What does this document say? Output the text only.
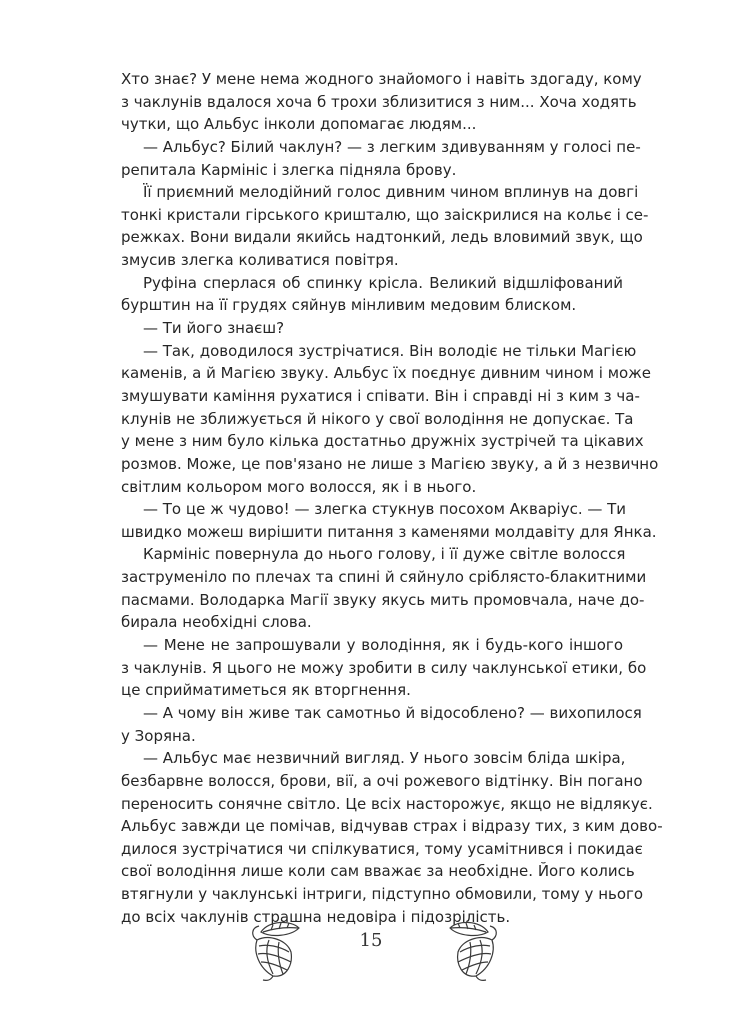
Хто знає? У мене нема жодного знайомого і навіть здогаду, кому
з чаклунів вдалося хоча б трохи зблизитися з ним... Хоча ходять
чутки, що Альбус інколи допомагає людям...
— Альбус? Білий чаклун? — з легким здивуванням у голосі пе-
репитала Кармініс і злегка підняла брову.
Її приємний мелодійний голос дивним чином вплинув на довгі
тонкі кристали гірського кришталю, що заіскрилися на кольє і се-
режках. Вони видали якийсь надтонкий, ледь вловимий звук, що
змусив злегка коливатися повітря.
Руфіна сперлася об спинку крісла. Великий відшліфований
бурштин на її грудях сяйнув мінливим медовим блиском.
— Ти його знаєш?
— Так, доводилося зустрічатися. Він володіє не тільки Магією
каменів, а й Магією звуку. Альбус їх поєднує дивним чином і може
змушувати каміння рухатися і співати. Він і справді ні з ким з ча-
клунів не зближується й нікого у свої володіння не допускає. Та
у мене з ним було кілька достатньо дружніх зустрічей та цікавих
розмов. Може, це пов'язано не лише з Магією звуку, а й з незвично
світлим кольором мого волосся, як і в нього.
— То це ж чудово! — злегка стукнув посохом Акваріус. — Ти
швидко можеш вирішити питання з каменями молдавіту для Янка.
Кармініс повернула до нього голову, і її дуже світле волосся
заструменіло по плечах та спині й сяйнуло сріблясто-блакитними
пасмами. Володарка Магії звуку якусь мить промовчала, наче до-
бирала необхідні слова.
— Мене не запрошували у володіння, як і будь-кого іншого
з чаклунів. Я цього не можу зробити в силу чаклунської етики, бо
це сприйматиметься як вторгнення.
— А чому він живе так самотньо й відособлено? — вихопилося
у Зоряна.
— Альбус має незвичний вигляд. У нього зовсім бліда шкіра,
безбарвне волосся, брови, вії, а очі рожевого відтінку. Він погано
переносить сонячне світло. Це всіх насторожує, якщо не відлякує.
Альбус завжди це помічав, відчував страх і відразу тих, з ким дово-
дилося зустрічатися чи спілкуватися, тому усамітнився і покидає
свої володіння лише коли сам вважає за необхідне. Його колись
втягнули у чаклунські інтриги, підступно обмовили, тому у нього
до всіх чаклунів страшна недовіра і підозрілість.
15
